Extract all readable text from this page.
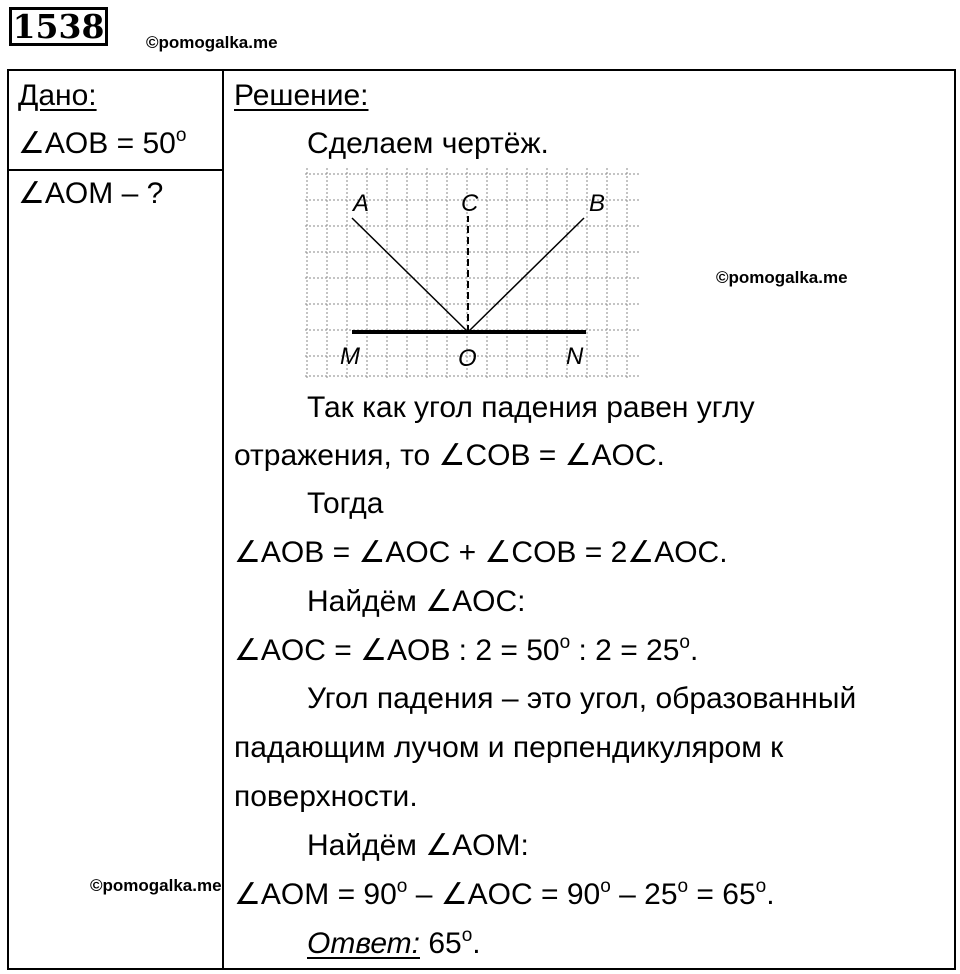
1538 ©pomogalka.me
Дано:
∠AOB = $50^o$
∠AOM – ?
Решение:
Сделаем чертёж.
A	C	B
M	O	N
©pomogalka.me
Так как угол падения равен углу
отражения, то ∠COB = ∠AOC.
Тогда
∠AOB = ∠AOC + ∠COB = 2∠AOC.
Найдём ∠AOC:
∠AOC = ∠AOB : $2 = 50^o$ : $2 = 25^o$.
Угол падения – это угол, образованный
падающим лучом и перпендикуляром к
поверхности.
Найдём ∠AOM:
©pomogalka.me ∠AOM = $90^o$ – ∠AOC = $90^o - 25^o = 65^o$.
Ответ: 65$^o$.
